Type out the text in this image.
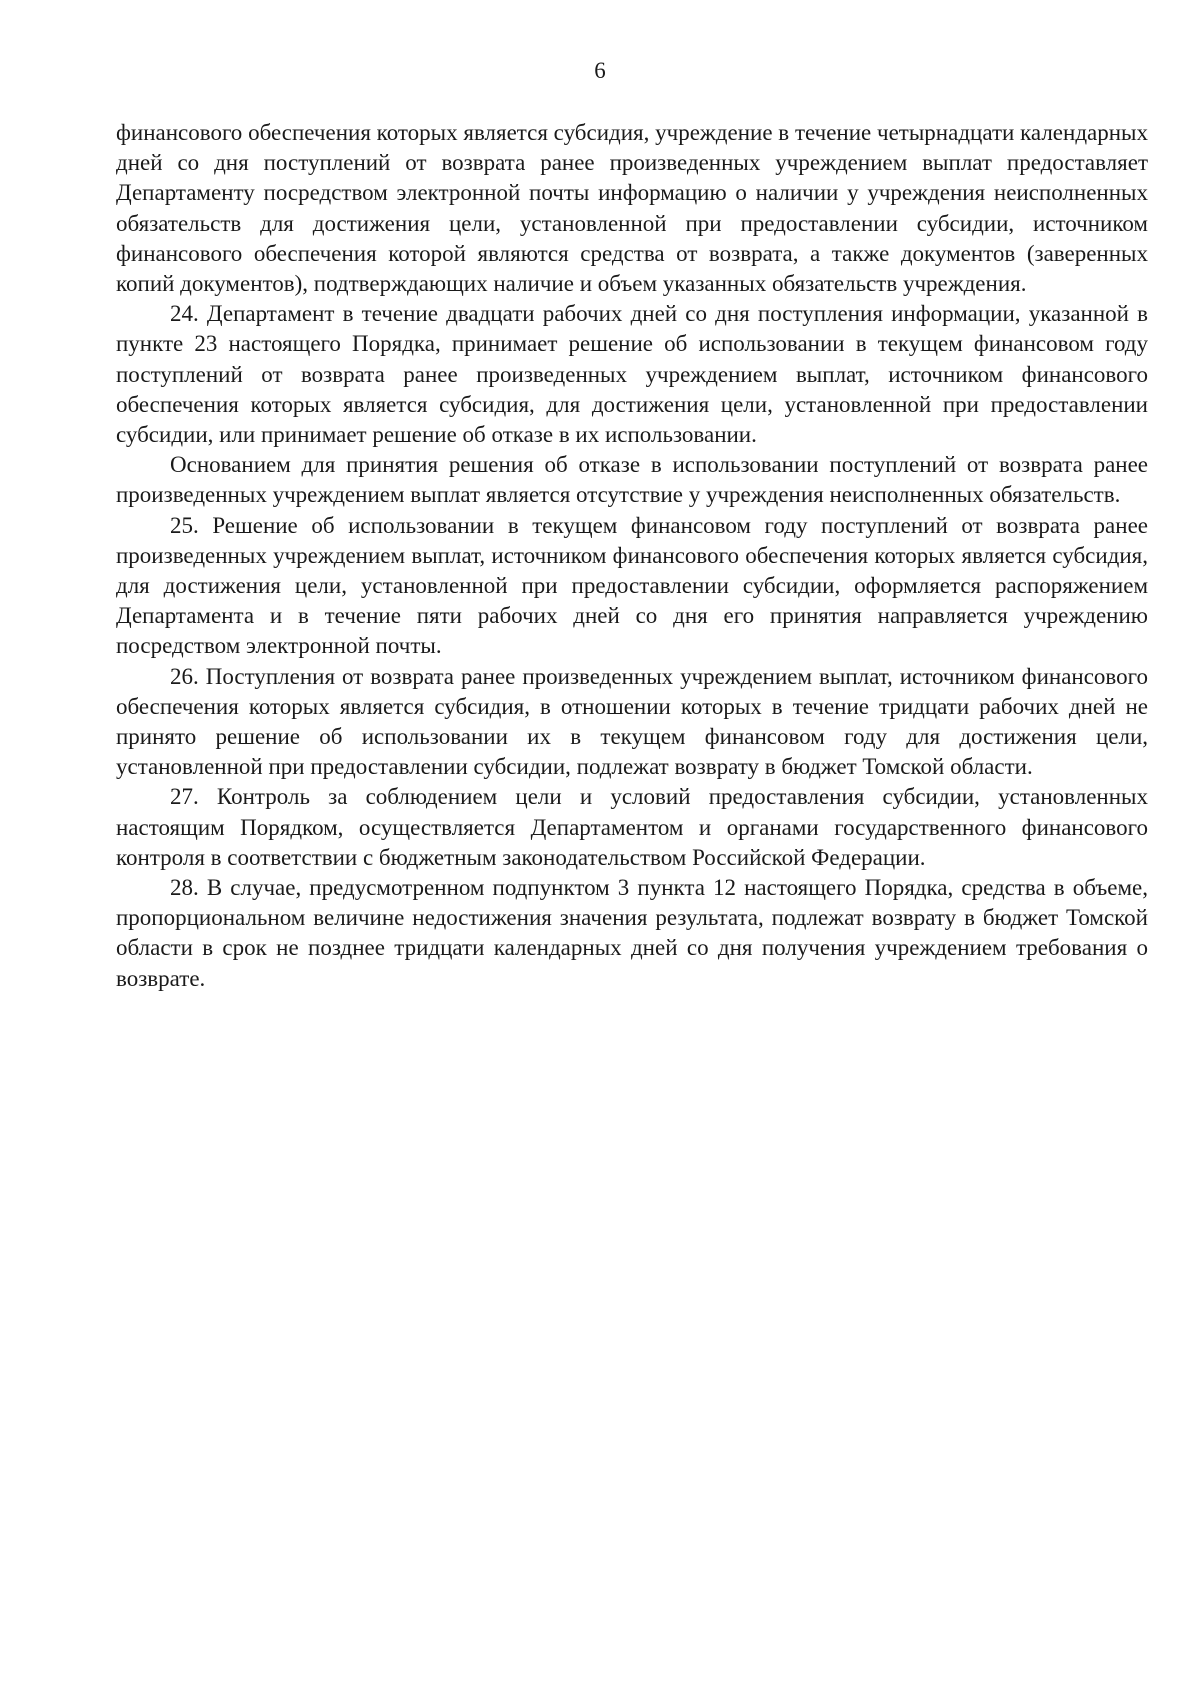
6

финансового обеспечения которых является субсидия, учреждение в течение четырнадцати календарных дней со дня поступлений от возврата ранее произведенных учреждением выплат предоставляет Департаменту посредством электронной почты информацию о наличии у учреждения неисполненных обязательств для достижения цели, установленной при предоставлении субсидии, источником финансового обеспечения которой являются средства от возврата, а также документов (заверенных копий документов), подтверждающих наличие и объем указанных обязательств учреждения.

24. Департамент в течение двадцати рабочих дней со дня поступления информации, указанной в пункте 23 настоящего Порядка, принимает решение об использовании в текущем финансовом году поступлений от возврата ранее произведенных учреждением выплат, источником финансового обеспечения которых является субсидия, для достижения цели, установленной при предоставлении субсидии, или принимает решение об отказе в их использовании.

Основанием для принятия решения об отказе в использовании поступлений от возврата ранее произведенных учреждением выплат является отсутствие у учреждения неисполненных обязательств.

25. Решение об использовании в текущем финансовом году поступлений от возврата ранее произведенных учреждением выплат, источником финансового обеспечения которых является субсидия, для достижения цели, установленной при предоставлении субсидии, оформляется распоряжением Департамента и в течение пяти рабочих дней со дня его принятия направляется учреждению посредством электронной почты.

26. Поступления от возврата ранее произведенных учреждением выплат, источником финансового обеспечения которых является субсидия, в отношении которых в течение тридцати рабочих дней не принято решение об использовании их в текущем финансовом году для достижения цели, установленной при предоставлении субсидии, подлежат возврату в бюджет Томской области.

27. Контроль за соблюдением цели и условий предоставления субсидии, установленных настоящим Порядком, осуществляется Департаментом и органами государственного финансового контроля в соответствии с бюджетным законодательством Российской Федерации.

28. В случае, предусмотренном подпунктом 3 пункта 12 настоящего Порядка, средства в объеме, пропорциональном величине недостижения значения результата, подлежат возврату в бюджет Томской области в срок не позднее тридцати календарных дней со дня получения учреждением требования о возврате.
